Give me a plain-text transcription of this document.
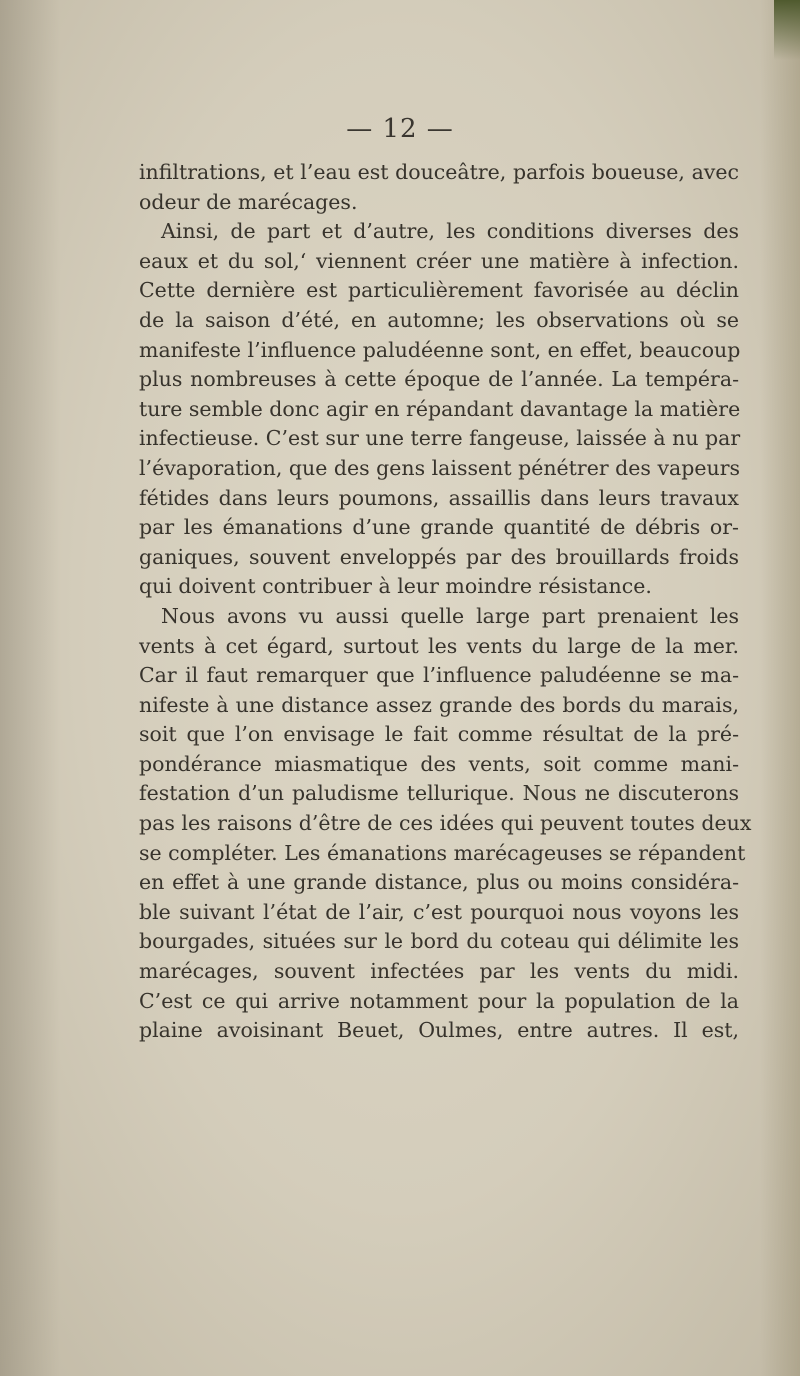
— 12 —
infiltrations, et l’eau est douceâtre, parfois boueuse, avec
odeur de marécages.
Ainsi, de part et d’autre, les conditions diverses des
eaux et du sol,ʻ viennent créer une matière à infection.
Cette dernière est particulièrement favorisée au déclin
de la saison d’été, en automne; les observations où se
manifeste l’influence paludéenne sont, en effet, beaucoup
plus nombreuses à cette époque de l’année. La tempéra-
ture semble donc agir en répandant davantage la matière
infectieuse. C’est sur une terre fangeuse, laissée à nu par
l’évaporation, que des gens laissent pénétrer des vapeurs
fétides dans leurs poumons, assaillis dans leurs travaux
par les émanations d’une grande quantité de débris or-
ganiques, souvent enveloppés par des brouillards froids
qui doivent contribuer à leur moindre résistance.
Nous avons vu aussi quelle large part prenaient les
vents à cet égard, surtout les vents du large de la mer.
Car il faut remarquer que l’influence paludéenne se ma-
nifeste à une distance assez grande des bords du marais,
soit que l’on envisage le fait comme résultat de la pré-
pondérance miasmatique des vents, soit comme mani-
festation d’un paludisme tellurique. Nous ne discuterons
pas les raisons d’être de ces idées qui peuvent toutes deux
se compléter. Les émanations marécageuses se répandent
en effet à une grande distance, plus ou moins considéra-
ble suivant l’état de l’air, c’est pourquoi nous voyons les
bourgades, situées sur le bord du coteau qui délimite les
marécages, souvent infectées par les vents du midi.
C’est ce qui arrive notamment pour la population de la
plaine avoisinant Beuet, Oulmes, entre autres. Il est,
